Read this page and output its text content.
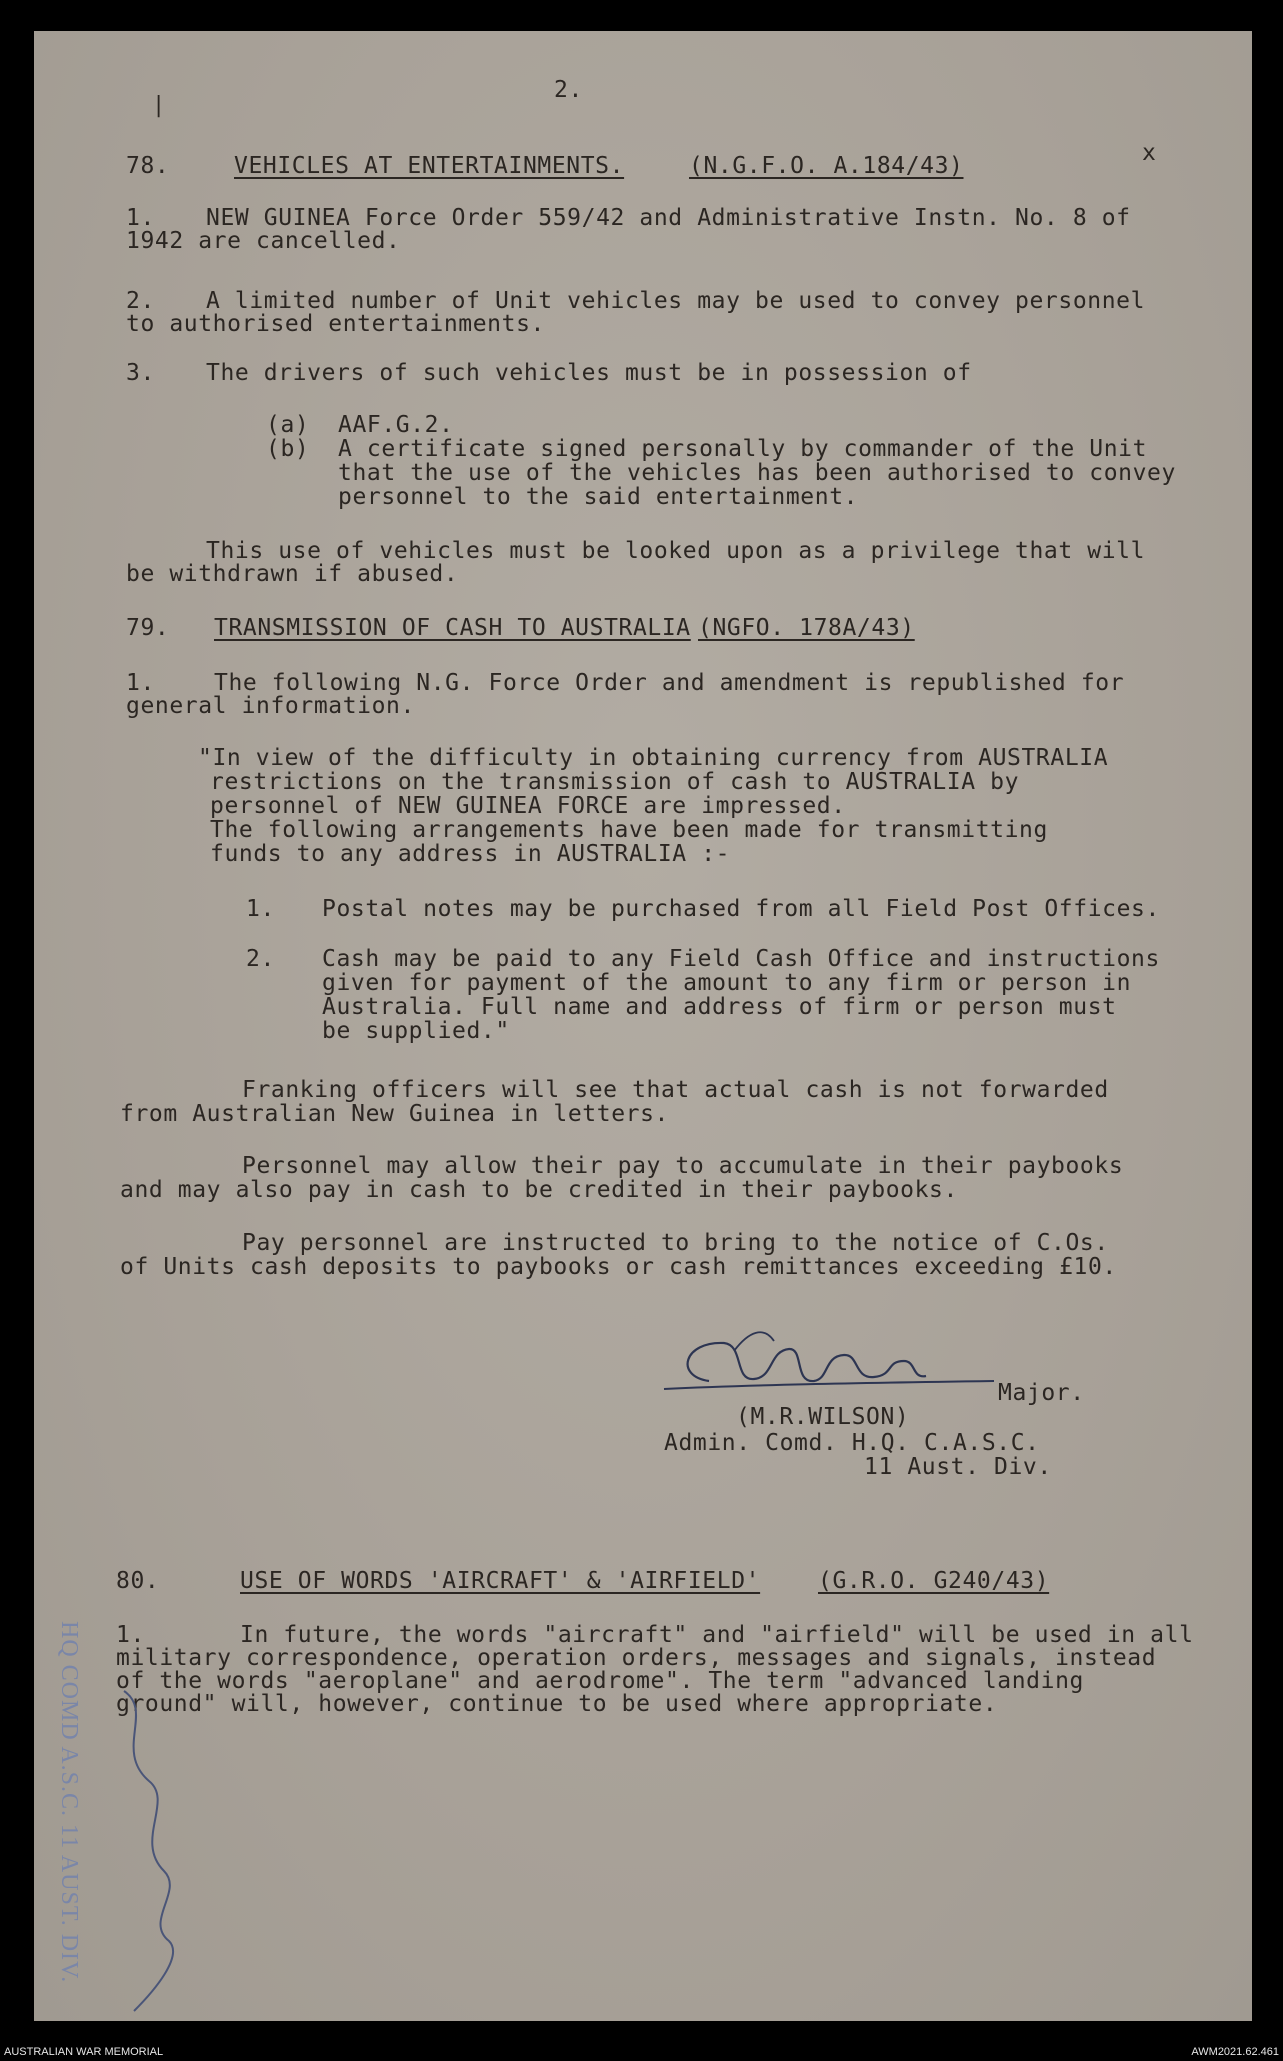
2.
|
78.	VEHICLES AT ENTERTAINMENTS.	(N.G.F.O. A.184/43)	x
1. NEW GUINEA Force Order 559/42 and Administrative Instn. No. 8 of
1942 are cancelled.
2. A limited number of Unit vehicles may be used to convey personnel
to authorised entertainments.
3. The drivers of such vehicles must be in possession of
(a) AAF.G.2.
(b) A certificate signed personally by commander of the Unit
that the use of the vehicles has been authorised to convey
personnel to the said entertainment.
This use of vehicles must be looked upon as a privilege that will
be withdrawn if abused.
79. TRANSMISSION OF CASH TO AUSTRALIA (NGFO. 178A/43)
1.	The following N.G. Force Order and amendment is republished for
general information.
"In view of the difficulty in obtaining currency from AUSTRALIA
restrictions on the transmission of cash to AUSTRALIA by
personnel of NEW GUINEA FORCE are impressed.
The following arrangements have been made for transmitting
funds to any address in AUSTRALIA :-
1. Postal notes may be purchased from all Field Post Offices.
2. Cash may be paid to any Field Cash Office and instructions
given for payment of the amount to any firm or person in
Australia. Full name and address of firm or person must
be supplied."
Franking officers will see that actual cash is not forwarded
from Australian New Guinea in letters.
Personnel may allow their pay to accumulate in their paybooks
and may also pay in cash to be credited in their paybooks.
Pay personnel are instructed to bring to the notice of C.Os.
of Units cash deposits to paybooks or cash remittances exceeding £10.
Major.
(M.R.WILSON)
Admin. Comd. H.Q. C.A.S.C.
11 Aust. Div.
80.	USE OF WORDS 'AIRCRAFT' & 'AIRFIELD'	(G.R.O. G240/43)
1.	In future, the words "aircraft" and "airfield" will be used in all
military correspondence, operation orders, messages and signals, instead
of the words "aeroplane" and aerodrome". The term "advanced landing
ground" will, however, continue to be used where appropriate.
HQ COMD A.S.C. 11 AUST. DIV.
AUSTRALIAN WAR MEMORIAL	AWM2021.62.461
